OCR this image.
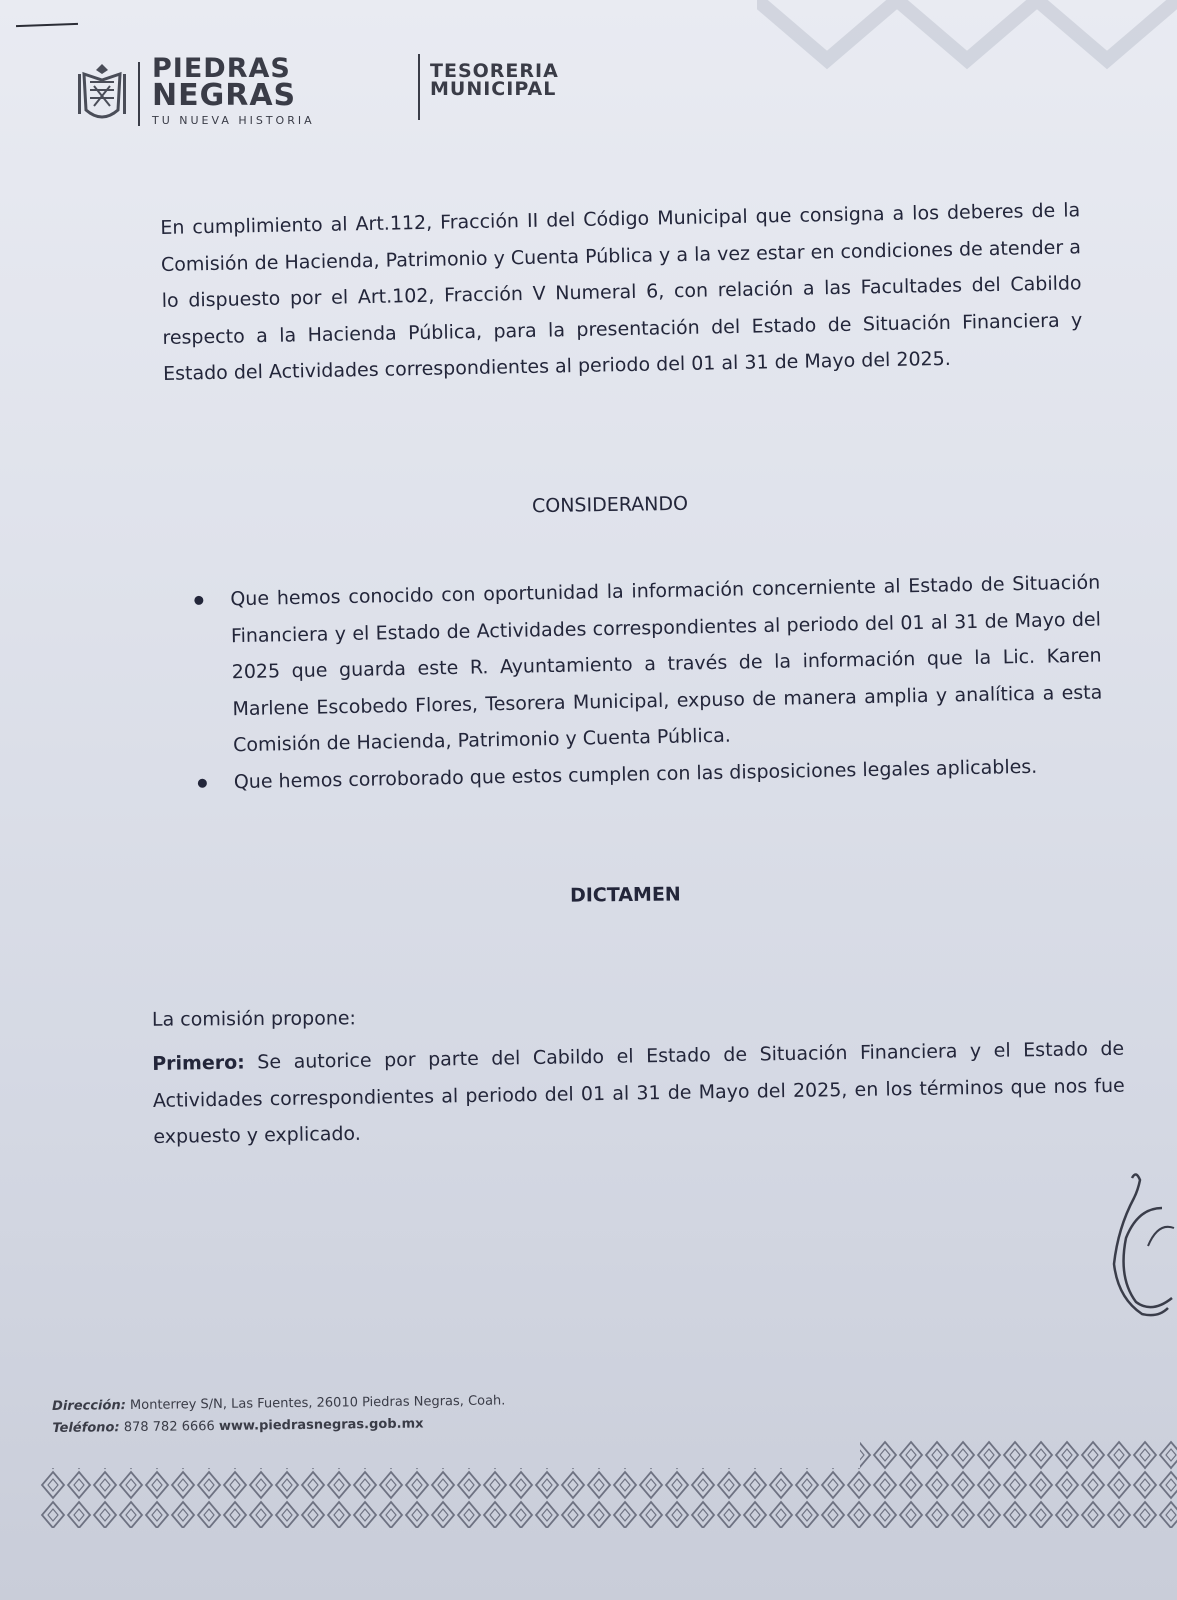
PIEDRAS
NEGRAS
TU NUEVA HISTORIA
TESORERIA
MUNICIPAL
En cumplimiento al Art.112, Fracción II del Código Municipal que consigna a los deberes de la Comisión de Hacienda, Patrimonio y Cuenta Pública y a la vez estar en condiciones de atender a lo dispuesto por el Art.102, Fracción V Numeral 6, con relación a las Facultades del Cabildo respecto a la Hacienda Pública, para la presentación del Estado de Situación Financiera y Estado del Actividades correspondientes al periodo del 01 al 31 de Mayo del 2025.
CONSIDERANDO
Que hemos conocido con oportunidad la información concerniente al Estado de Situación Financiera y el Estado de Actividades correspondientes al periodo del 01 al 31 de Mayo del 2025 que guarda este R. Ayuntamiento a través de la información que la Lic. Karen Marlene Escobedo Flores, Tesorera Municipal, expuso de manera amplia y analítica a esta Comisión de Hacienda, Patrimonio y Cuenta Pública.
Que hemos corroborado que estos cumplen con las disposiciones legales aplicables.
DICTAMEN
La comisión propone:
Primero: Se autorice por parte del Cabildo el Estado de Situación Financiera y el Estado de Actividades correspondientes al periodo del 01 al 31 de Mayo del 2025, en los términos que nos fue expuesto y explicado.
Dirección: Monterrey S/N, Las Fuentes, 26010 Piedras Negras, Coah.
Teléfono: 878 782 6666 www.piedrasnegras.gob.mx
